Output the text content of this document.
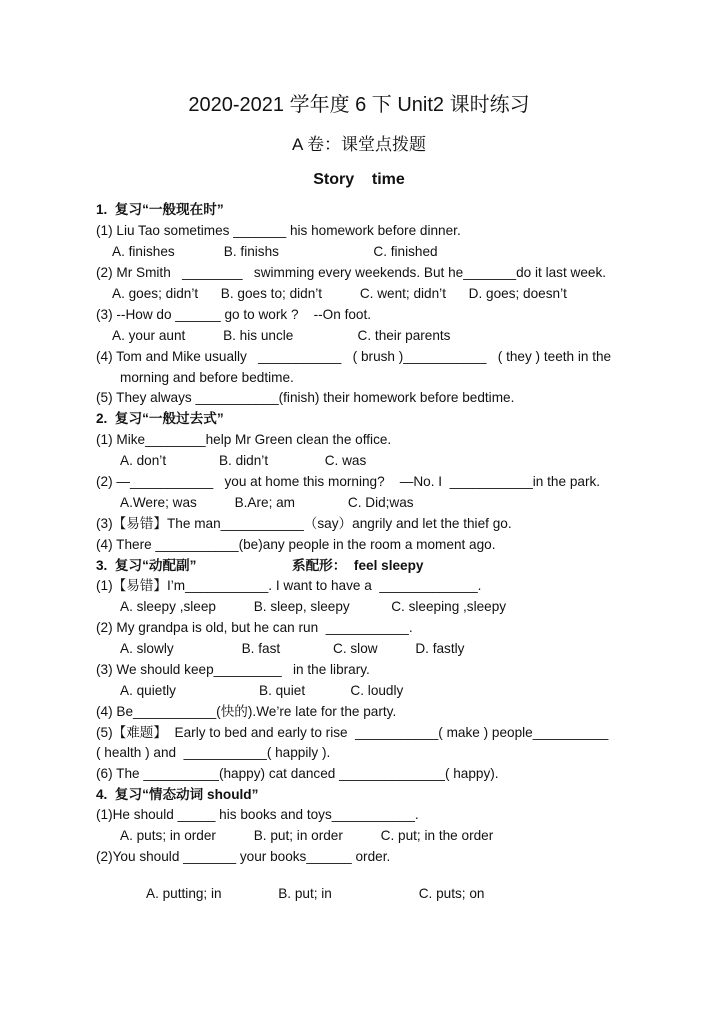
2020-2021 学年度 6 下 Unit2 课时练习
A 卷：课堂点拨题
Story    time
1.  复习“一般现在时”
(1) Liu Tao sometimes _______ his homework before dinner.
A. finishes             B. finishs                         C. finished
(2) Mr Smith   ________   swimming every weekends. But he_______do it last week.
A. goes; didn’t      B. goes to; didn’t          C. went; didn’t      D. goes; doesn’t
(3) --How do ______ go to work ?    --On foot.
A. your aunt          B. his uncle                 C. their parents
(4) Tom and Mike usually   ___________   ( brush )___________   ( they ) teeth in the
morning and before bedtime.
(5) They always ___________(finish) their homework before bedtime.
2.  复习“一般过去式”
(1) Mike________help Mr Green clean the office.
A. don’t              B. didn’t               C. was
(2) —___________   you at home this morning?    —No. I  ___________in the park.
A.Were; was          B.Are; am              C. Did;was
(3)【易错】The man___________（say）angrily and let the thief go.
(4) There ___________(be)any people in the room a moment ago.
3.  复习“动配副”	系配形：  feel sleepy
(1)【易错】I’m___________. I want to have a  _____________.
A. sleepy ,sleep          B. sleep, sleepy           C. sleeping ,sleepy
(2) My grandpa is old, but he can run  ___________.
A. slowly                  B. fast              C. slow          D. fastly
(3) We should keep_________   in the library.
A. quietly                      B. quiet            C. loudly
(4) Be___________(快的).We’re late for the party.
(5)【难题】  Early to bed and early to rise  ___________( make ) people__________
( health ) and  ___________( happily ).
(6) The __________(happy) cat danced ______________( happy).
4.  复习“情态动词 should”
(1)He should _____ his books and toys___________.
A. puts; in order          B. put; in order          C. put; in the order
(2)You should _______ your books______ order.
A. putting; in               B. put; in                       C. puts; on
